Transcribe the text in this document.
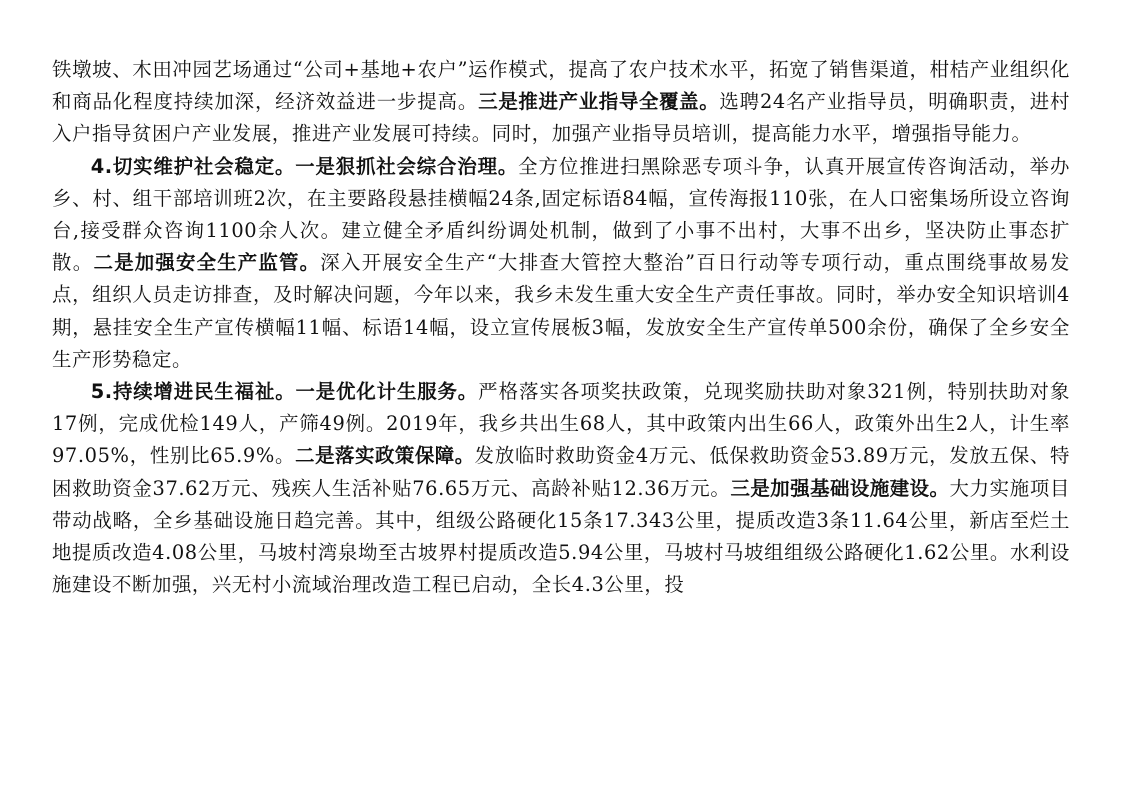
铁墩坡、木田冲园艺场通过“公司+基地+农户”运作模式，提高了农户技术水平，拓宽了销售渠道，柑桔产业组织化和商品化程度持续加深，经济效益进一步提高。三是推进产业指导全覆盖。选聘24名产业指导员，明确职责，进村入户指导贫困户产业发展，推进产业发展可持续。同时，加强产业指导员培训，提高能力水平，增强指导能力。

4.切实维护社会稳定。一是狠抓社会综合治理。全方位推进扫黑除恶专项斗争，认真开展宣传咨询活动，举办乡、村、组干部培训班2次，在主要路段悬挂横幅24条,固定标语84幅，宣传海报110张，在人口密集场所设立咨询台,接受群众咨询1100余人次。建立健全矛盾纠纷调处机制，做到了小事不出村，大事不出乡，坚决防止事态扩散。二是加强安全生产监管。深入开展安全生产“大排查大管控大整治”百日行动等专项行动，重点围绕事故易发点，组织人员走访排查，及时解决问题，今年以来，我乡未发生重大安全生产责任事故。同时，举办安全知识培训4期，悬挂安全生产宣传横幅11幅、标语14幅，设立宣传展板3幅，发放安全生产宣传单500余份，确保了全乡安全生产形势稳定。

5.持续增进民生福祉。一是优化计生服务。严格落实各项奖扶政策，兑现奖励扶助对象321例，特别扶助对象17例，完成优检149人，产筛49例。2019年，我乡共出生68人，其中政策内出生66人，政策外出生2人，计生率97.05%，性别比65.9%。二是落实政策保障。发放临时救助资金4万元、低保救助资金53.89万元，发放五保、特困救助资金37.62万元、残疾人生活补贴76.65万元、高龄补贴12.36万元。三是加强基础设施建设。大力实施项目带动战略，全乡基础设施日趋完善。其中，组级公路硬化15条17.343公里，提质改造3条11.64公里，新店至烂土地提质改造4.08公里，马坡村湾泉坳至古坡界村提质改造5.94公里，马坡村马坡组组级公路硬化1.62公里。水利设施建设不断加强，兴无村小流域治理改造工程已启动，全长4.3公里，投
